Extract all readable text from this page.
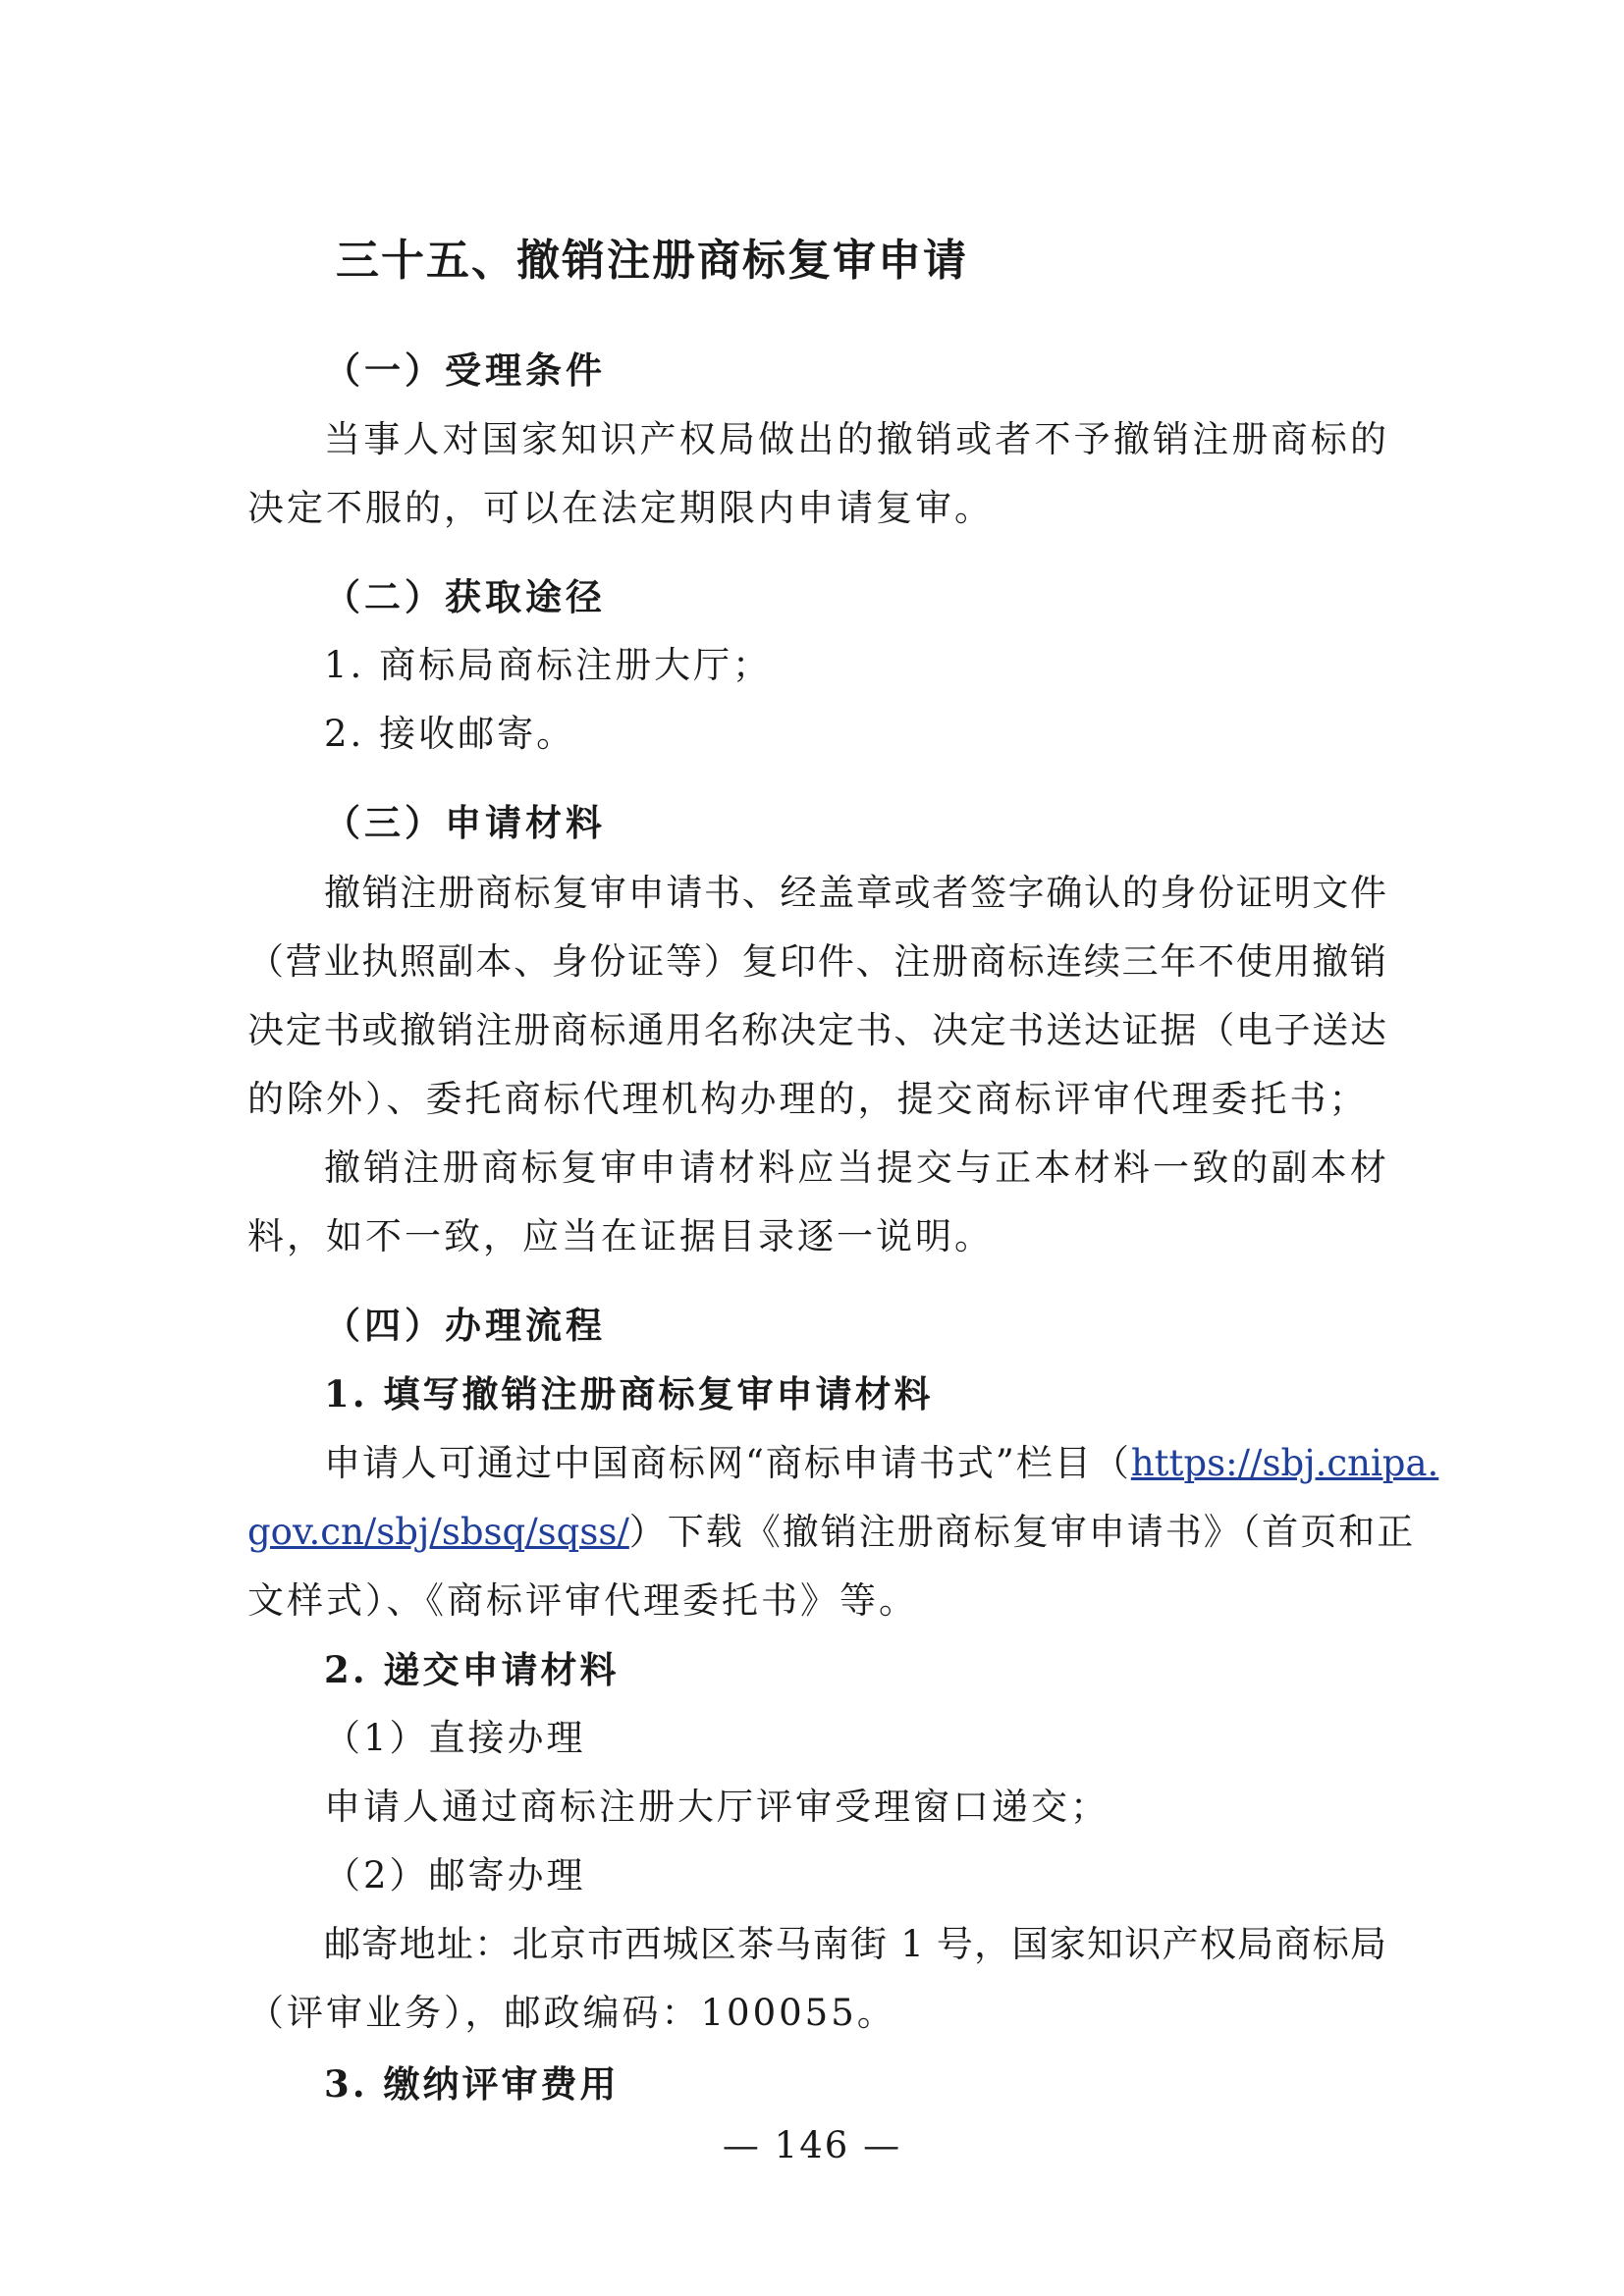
三十五、撤销注册商标复审申请
（一）受理条件
当事人对国家知识产权局做出的撤销或者不予撤销注册商标的
决定不服的，可以在法定期限内申请复审。
（二）获取途径
1. 商标局商标注册大厅；
2. 接收邮寄。
（三）申请材料
撤销注册商标复审申请书、经盖章或者签字确认的身份证明文件
（营业执照副本、身份证等）复印件、注册商标连续三年不使用撤销
决定书或撤销注册商标通用名称决定书、决定书送达证据（电子送达
的除外）、委托商标代理机构办理的，提交商标评审代理委托书；
撤销注册商标复审申请材料应当提交与正本材料一致的副本材
料，如不一致，应当在证据目录逐一说明。
（四）办理流程
1. 填写撤销注册商标复审申请材料
申请人可通过中国商标网“商标申请书式”栏目（https://sbj.cnipa.
gov.cn/sbj/sbsq/sqss/）下载《撤销注册商标复审申请书》（首页和正
文样式）、《商标评审代理委托书》等。
2. 递交申请材料
（1）直接办理
申请人通过商标注册大厅评审受理窗口递交；
（2）邮寄办理
邮寄地址：北京市西城区茶马南街 1 号，国家知识产权局商标局
（评审业务），邮政编码：100055。
3. 缴纳评审费用
— 146 —
